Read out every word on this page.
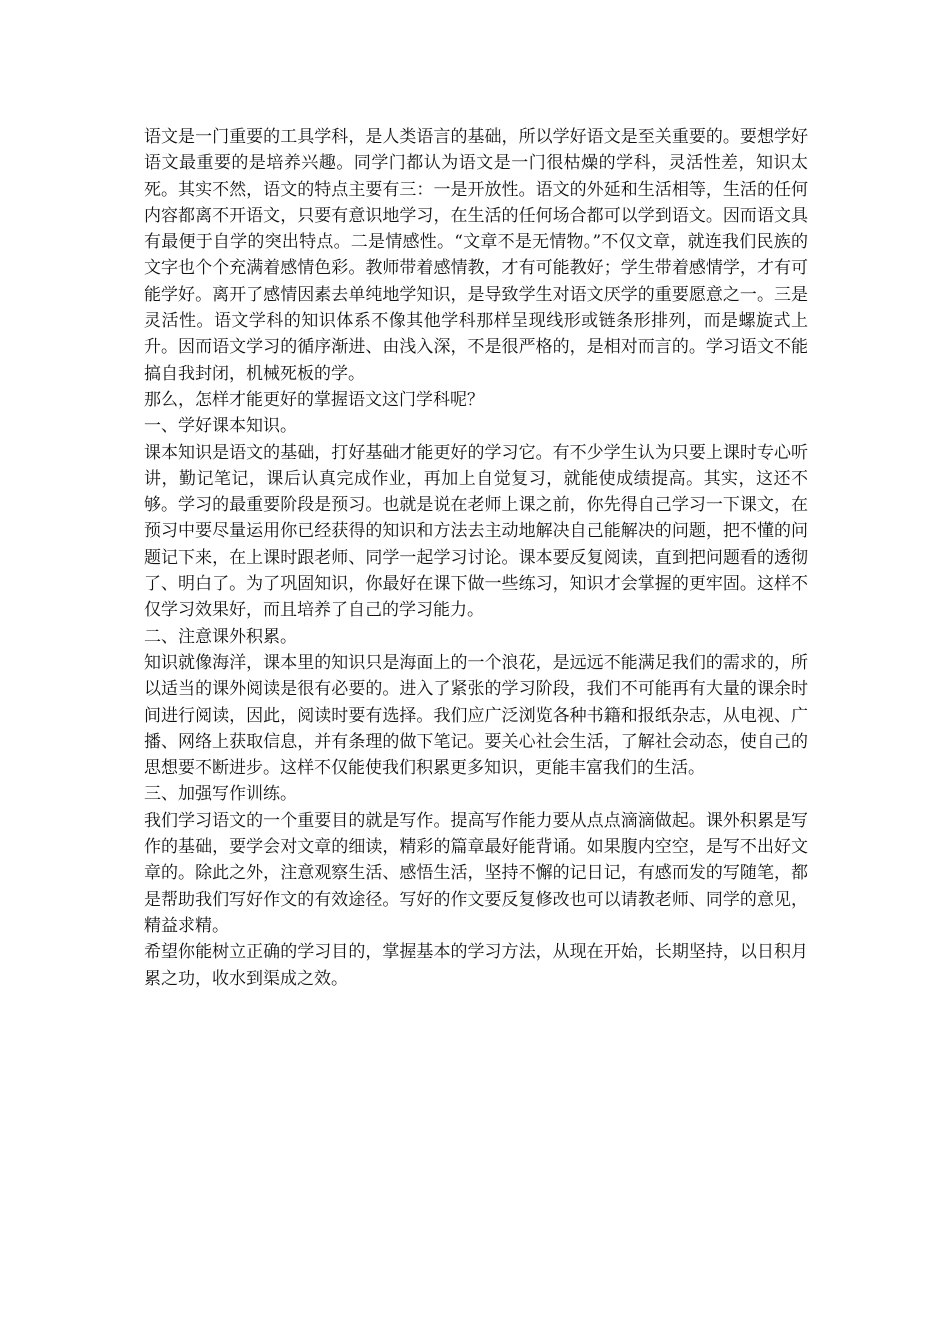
语文是一门重要的工具学科，是人类语言的基础，所以学好语文是至关重要的。要想学好语文最重要的是培养兴趣。同学门都认为语文是一门很枯燥的学科，灵活性差，知识太死。其实不然，语文的特点主要有三：一是开放性。语文的外延和生活相等，生活的任何内容都离不开语文，只要有意识地学习，在生活的任何场合都可以学到语文。因而语文具有最便于自学的突出特点。二是情感性。“文章不是无情物。”不仅文章，就连我们民族的文字也个个充满着感情色彩。教师带着感情教，才有可能教好；学生带着感情学，才有可能学好。离开了感情因素去单纯地学知识，是导致学生对语文厌学的重要愿意之一。三是灵活性。语文学科的知识体系不像其他学科那样呈现线形或链条形排列，而是螺旋式上升。因而语文学习的循序渐进、由浅入深，不是很严格的，是相对而言的。学习语文不能搞自我封闭，机械死板的学。

那么，怎样才能更好的掌握语文这门学科呢？

一、学好课本知识。

课本知识是语文的基础，打好基础才能更好的学习它。有不少学生认为只要上课时专心听讲，勤记笔记，课后认真完成作业，再加上自觉复习，就能使成绩提高。其实，这还不够。学习的最重要阶段是预习。也就是说在老师上课之前，你先得自己学习一下课文，在预习中要尽量运用你已经获得的知识和方法去主动地解决自己能解决的问题，把不懂的问题记下来，在上课时跟老师、同学一起学习讨论。课本要反复阅读，直到把问题看的透彻了、明白了。为了巩固知识，你最好在课下做一些练习，知识才会掌握的更牢固。这样不仅学习效果好，而且培养了自己的学习能力。

二、注意课外积累。

知识就像海洋，课本里的知识只是海面上的一个浪花，是远远不能满足我们的需求的，所以适当的课外阅读是很有必要的。进入了紧张的学习阶段，我们不可能再有大量的课余时间进行阅读，因此，阅读时要有选择。我们应广泛浏览各种书籍和报纸杂志，从电视、广播、网络上获取信息，并有条理的做下笔记。要关心社会生活，了解社会动态，使自己的思想要不断进步。这样不仅能使我们积累更多知识，更能丰富我们的生活。

三、加强写作训练。

我们学习语文的一个重要目的就是写作。提高写作能力要从点点滴滴做起。课外积累是写作的基础，要学会对文章的细读，精彩的篇章最好能背诵。如果腹内空空，是写不出好文章的。除此之外，注意观察生活、感悟生活，坚持不懈的记日记，有感而发的写随笔，都是帮助我们写好作文的有效途径。写好的作文要反复修改也可以请教老师、同学的意见，精益求精。

希望你能树立正确的学习目的，掌握基本的学习方法，从现在开始，长期坚持，以日积月累之功，收水到渠成之效。
